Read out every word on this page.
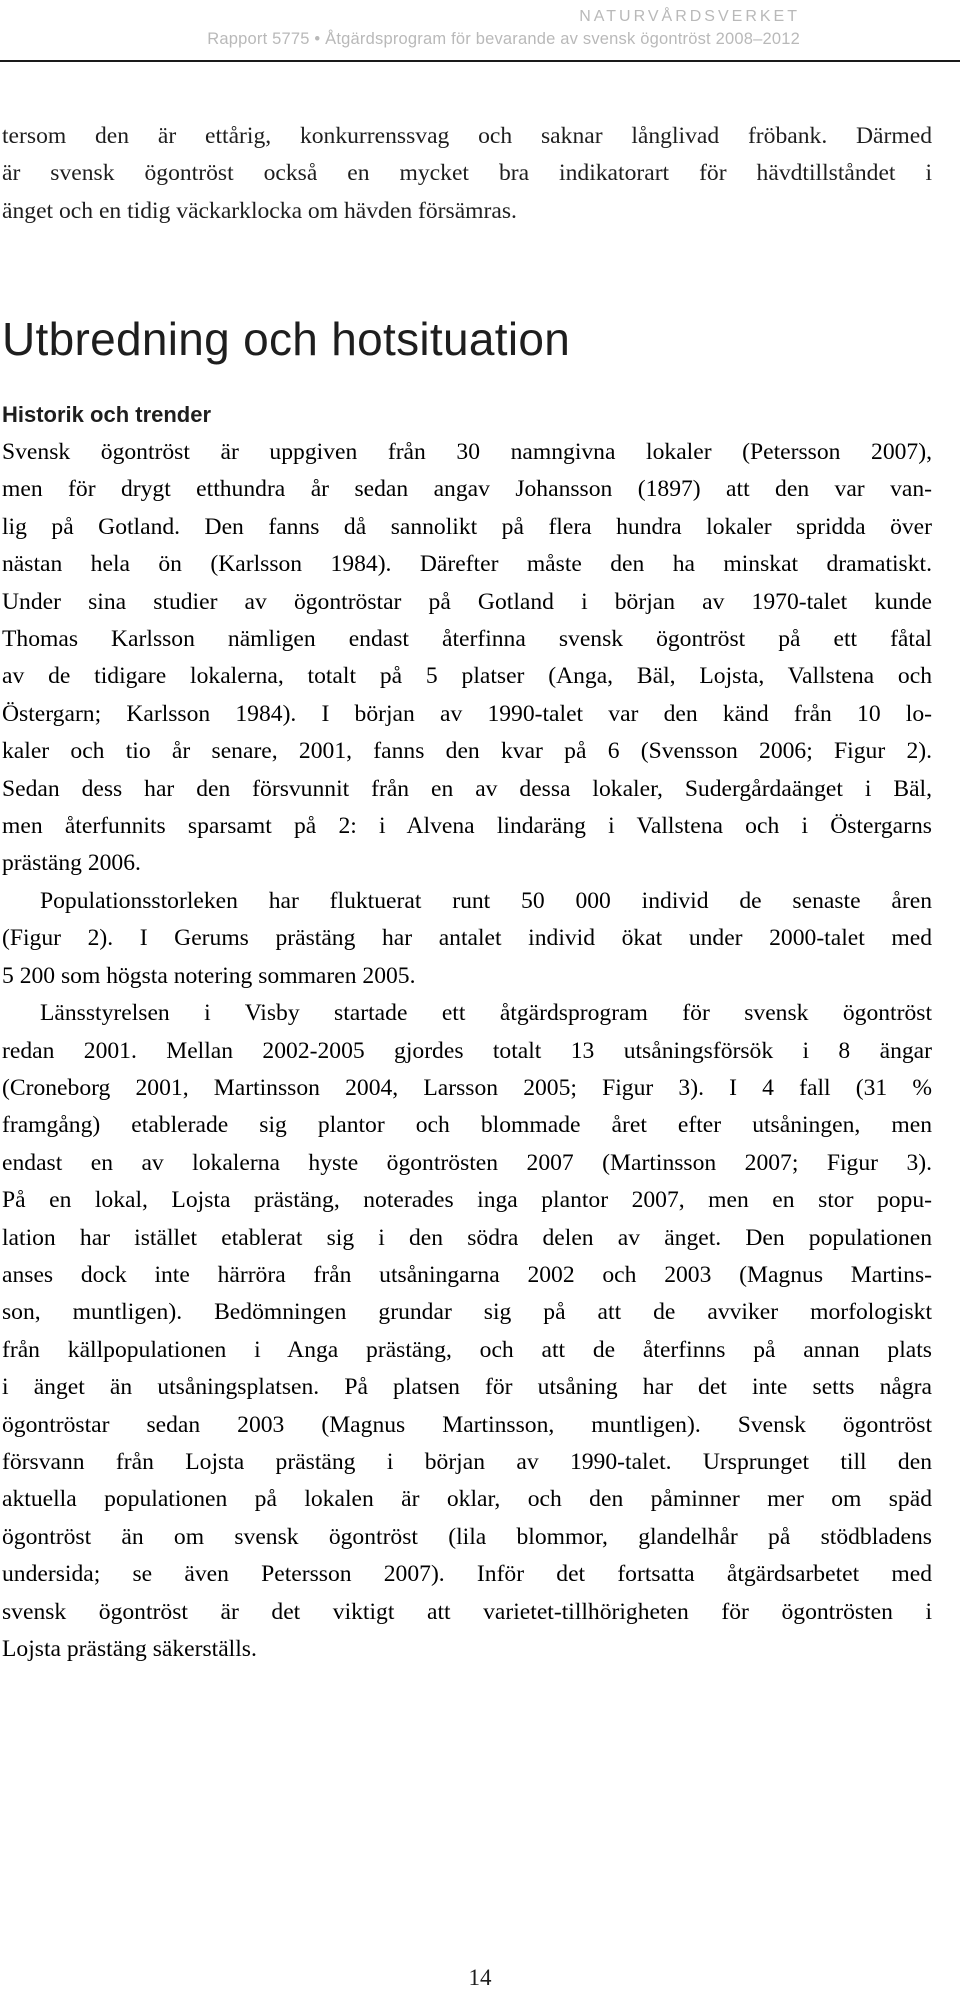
NATURVÅRDSVERKET
Rapport 5775 • Åtgärdsprogram för bevarande av svensk ögontröst 2008–2012
tersom den är ettårig, konkurrenssvag och saknar långlivad fröbank. Därmed
är svensk ögontröst också en mycket bra indikatorart för hävdtillståndet i
änget och en tidig väckarklocka om hävden försämras.
Utbredning och hotsituation
Historik och trender

Svensk ögontröst är uppgiven från 30 namngivna lokaler (Petersson 2007),
men för drygt etthundra år sedan angav Johansson (1897) att den var van-
lig på Gotland. Den fanns då sannolikt på flera hundra lokaler spridda över
nästan hela ön (Karlsson 1984). Därefter måste den ha minskat dramatiskt.
Under sina studier av ögontröstar på Gotland i början av 1970-talet kunde
Thomas Karlsson nämligen endast återfinna svensk ögontröst på ett fåtal
av de tidigare lokalerna, totalt på 5 platser (Anga, Bäl, Lojsta, Vallstena och
Östergarn; Karlsson 1984). I början av 1990-talet var den känd från 10 lo-
kaler och tio år senare, 2001, fanns den kvar på 6 (Svensson 2006; Figur 2).
Sedan dess har den försvunnit från en av dessa lokaler, Sudergårdaänget i Bäl,
men återfunnits sparsamt på 2: i Alvena lindaräng i Vallstena och i Östergarns
prästäng 2006.

Populationsstorleken har fluktuerat runt 50 000 individ de senaste åren
(Figur 2). I Gerums prästäng har antalet individ ökat under 2000-talet med
5 200 som högsta notering sommaren 2005.

Länsstyrelsen i Visby startade ett åtgärdsprogram för svensk ögontröst
redan 2001. Mellan 2002-2005 gjordes totalt 13 utsåningsförsök i 8 ängar
(Croneborg 2001, Martinsson 2004, Larsson 2005; Figur 3). I 4 fall (31 %
framgång) etablerade sig plantor och blommade året efter utsåningen, men
endast en av lokalerna hyste ögontrösten 2007 (Martinsson 2007; Figur 3).
På en lokal, Lojsta prästäng, noterades inga plantor 2007, men en stor popu-
lation har istället etablerat sig i den södra delen av änget. Den populationen
anses dock inte härröra från utsåningarna 2002 och 2003 (Magnus Martins-
son, muntligen). Bedömningen grundar sig på att de avviker morfologiskt
från källpopulationen i Anga prästäng, och att de återfinns på annan plats
i änget än utsåningsplatsen. På platsen för utsåning har det inte setts några
ögontröstar sedan 2003 (Magnus Martinsson, muntligen). Svensk ögontröst
försvann från Lojsta prästäng i början av 1990-talet. Ursprunget till den
aktuella populationen på lokalen är oklar, och den påminner mer om späd
ögontröst än om svensk ögontröst (lila blommor, glandelhår på stödbladens
undersida; se även Petersson 2007). Inför det fortsatta åtgärdsarbetet med
svensk ögontröst är det viktigt att varietet-tillhörigheten för ögontrösten i
Lojsta prästäng säkerställs.

14
